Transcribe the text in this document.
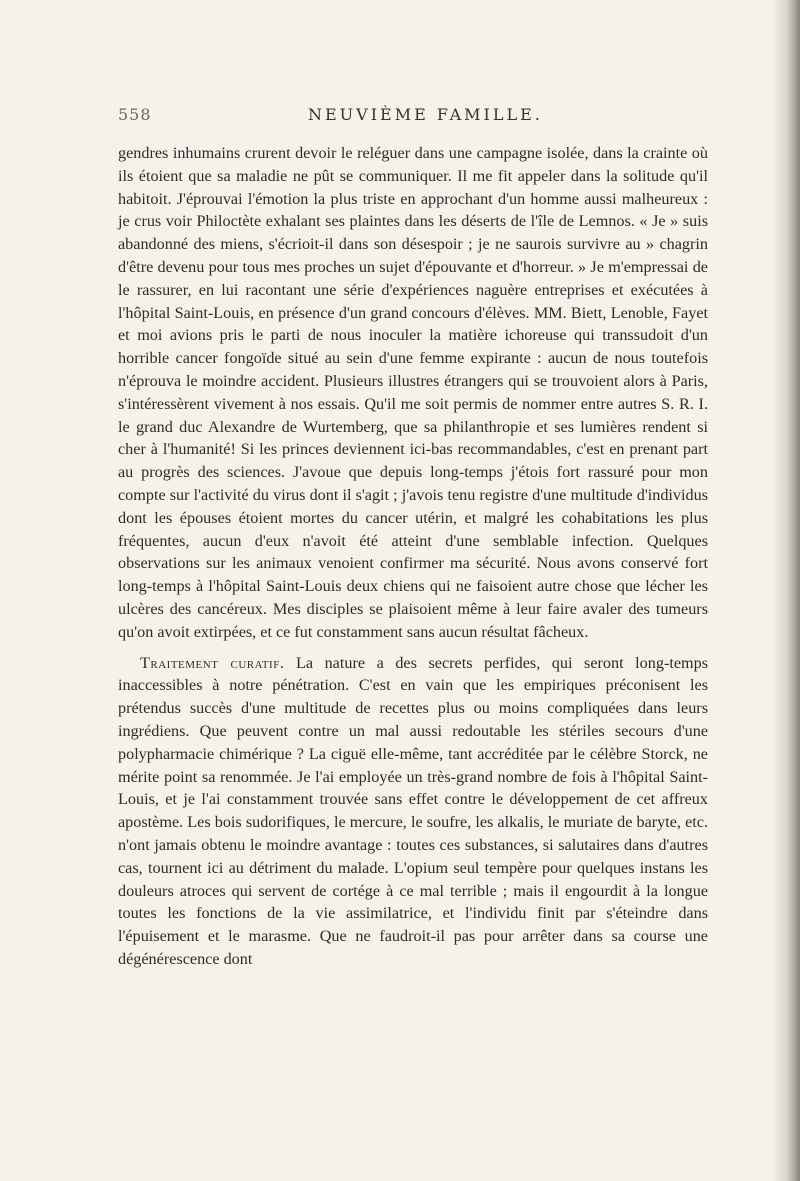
558	NEUVIÈME FAMILLE.

gendres inhumains crurent devoir le reléguer dans une campagne isolée, dans la crainte où ils étoient que sa maladie ne pût se communiquer. Il me fit appeler dans la solitude qu'il habitoit. J'éprouvai l'émotion la plus triste en approchant d'un homme aussi malheureux : je crus voir Philoctète exhalant ses plaintes dans les déserts de l'île de Lemnos. « Je » suis abandonné des miens, s'écrioit-il dans son désespoir ; je ne saurois survivre au » chagrin d'être devenu pour tous mes proches un sujet d'épouvante et d'horreur. » Je m'empressai de le rassurer, en lui racontant une série d'expériences naguère entreprises et exécutées à l'hôpital Saint-Louis, en présence d'un grand concours d'élèves. MM. Biett, Lenoble, Fayet et moi avions pris le parti de nous inoculer la matière ichoreuse qui transsudoit d'un horrible cancer fongoïde situé au sein d'une femme expirante : aucun de nous toutefois n'éprouva le moindre accident. Plusieurs illustres étrangers qui se trouvoient alors à Paris, s'intéressèrent vivement à nos essais. Qu'il me soit permis de nommer entre autres S. R. I. le grand duc Alexandre de Wurtemberg, que sa philanthropie et ses lumières rendent si cher à l'humanité! Si les princes deviennent ici-bas recommandables, c'est en prenant part au progrès des sciences. J'avoue que depuis long-temps j'étois fort rassuré pour mon compte sur l'activité du virus dont il s'agit ; j'avois tenu registre d'une multitude d'individus dont les épouses étoient mortes du cancer utérin, et malgré les cohabitations les plus fréquentes, aucun d'eux n'avoit été atteint d'une semblable infection. Quelques observations sur les animaux venoient confirmer ma sécurité. Nous avons conservé fort long-temps à l'hôpital Saint-Louis deux chiens qui ne faisoient autre chose que lécher les ulcères des cancéreux. Mes disciples se plaisoient même à leur faire avaler des tumeurs qu'on avoit extirpées, et ce fut constamment sans aucun résultat fâcheux.

Traitement curatif. La nature a des secrets perfides, qui seront long-temps inaccessibles à notre pénétration. C'est en vain que les empiriques préconisent les prétendus succès d'une multitude de recettes plus ou moins compliquées dans leurs ingrédiens. Que peuvent contre un mal aussi redoutable les stériles secours d'une polypharmacie chimérique ? La ciguë elle-même, tant accréditée par le célèbre Storck, ne mérite point sa renommée. Je l'ai employée un très-grand nombre de fois à l'hôpital Saint-Louis, et je l'ai constamment trouvée sans effet contre le développement de cet affreux apostème. Les bois sudorifiques, le mercure, le soufre, les alkalis, le muriate de baryte, etc. n'ont jamais obtenu le moindre avantage : toutes ces substances, si salutaires dans d'autres cas, tournent ici au détriment du malade. L'opium seul tempère pour quelques instans les douleurs atroces qui servent de cortége à ce mal terrible ; mais il engourdit à la longue toutes les fonctions de la vie assimilatrice, et l'individu finit par s'éteindre dans l'épuisement et le marasme. Que ne faudroit-il pas pour arrêter dans sa course une dégénérescence dont
